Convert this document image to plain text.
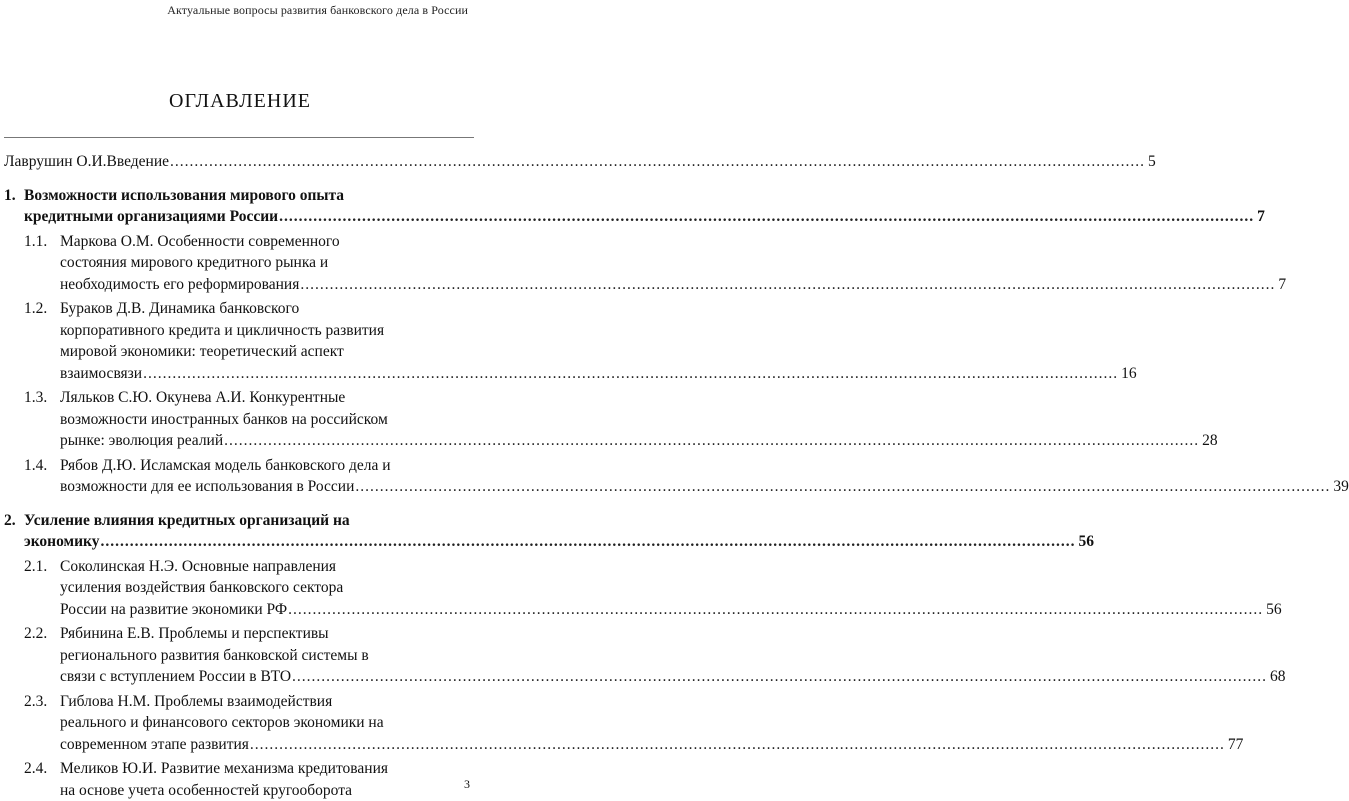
Актуальные вопросы развития банковского дела в России
ОГЛАВЛЕНИЕ
Лаврушин О.И.Введение ........................................................................................................................................................................................................ 5
1. Возможности использования мирового опыта
кредитными организациями России ........................................................................................................................................................................................................ 7
1.1. Маркова О.М. Особенности современного
состояния мирового кредитного рынка и
необходимость его реформирования ........................................................................................................................................................................................................ 7
1.2. Бураков Д.В. Динамика банковского
корпоративного кредита и цикличность развития
мировой экономики: теоретический аспект
взаимосвязи ........................................................................................................................................................................................................ 16
1.3. Ляльков С.Ю. Окунева А.И. Конкурентные
возможности иностранных банков на российском
рынке: эволюция реалий ........................................................................................................................................................................................................ 28
1.4. Рябов Д.Ю. Исламская модель банковского дела и
возможности для ее использования в России ........................................................................................................................................................................................................ 39
2. Усиление влияния кредитных организаций на
экономику ........................................................................................................................................................................................................ 56
2.1. Соколинская Н.Э. Основные направления
усиления воздействия банковского сектора
России на развитие экономики РФ ........................................................................................................................................................................................................ 56
2.2. Рябинина Е.В. Проблемы и перспективы
регионального развития банковской системы в
связи с вступлением России в ВТО ........................................................................................................................................................................................................ 68
2.3. Гиблова Н.М. Проблемы взаимодействия
реального и финансового секторов экономики на
современном этапе развития ........................................................................................................................................................................................................ 77
2.4. Меликов Ю.И. Развитие механизма кредитования
на основе учета особенностей кругооборота	3
